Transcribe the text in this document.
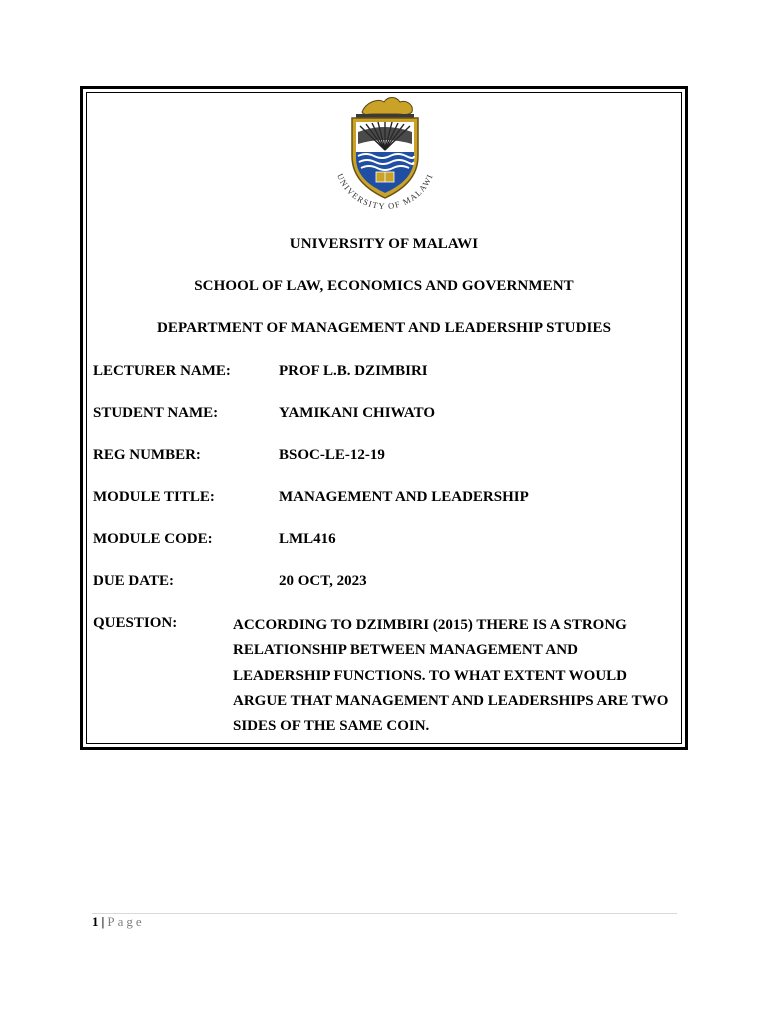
UNIVERSITY OF MALAWI
UNIVERSITY OF MALAWI
SCHOOL OF LAW, ECONOMICS AND GOVERNMENT
DEPARTMENT OF MANAGEMENT AND LEADERSHIP STUDIES
LECTURER NAME:	PROF L.B. DZIMBIRI
STUDENT NAME:	YAMIKANI CHIWATO
REG NUMBER:	BSOC-LE-12-19
MODULE TITLE:	MANAGEMENT AND LEADERSHIP
MODULE CODE:	LML416
DUE DATE:	20 OCT, 2023
QUESTION:	ACCORDING TO DZIMBIRI (2015) THERE IS A STRONG RELATIONSHIP BETWEEN MANAGEMENT AND LEADERSHIP FUNCTIONS. TO WHAT EXTENT WOULD ARGUE THAT MANAGEMENT AND LEADERSHIPS ARE TWO SIDES OF THE SAME COIN.
1 | Page
